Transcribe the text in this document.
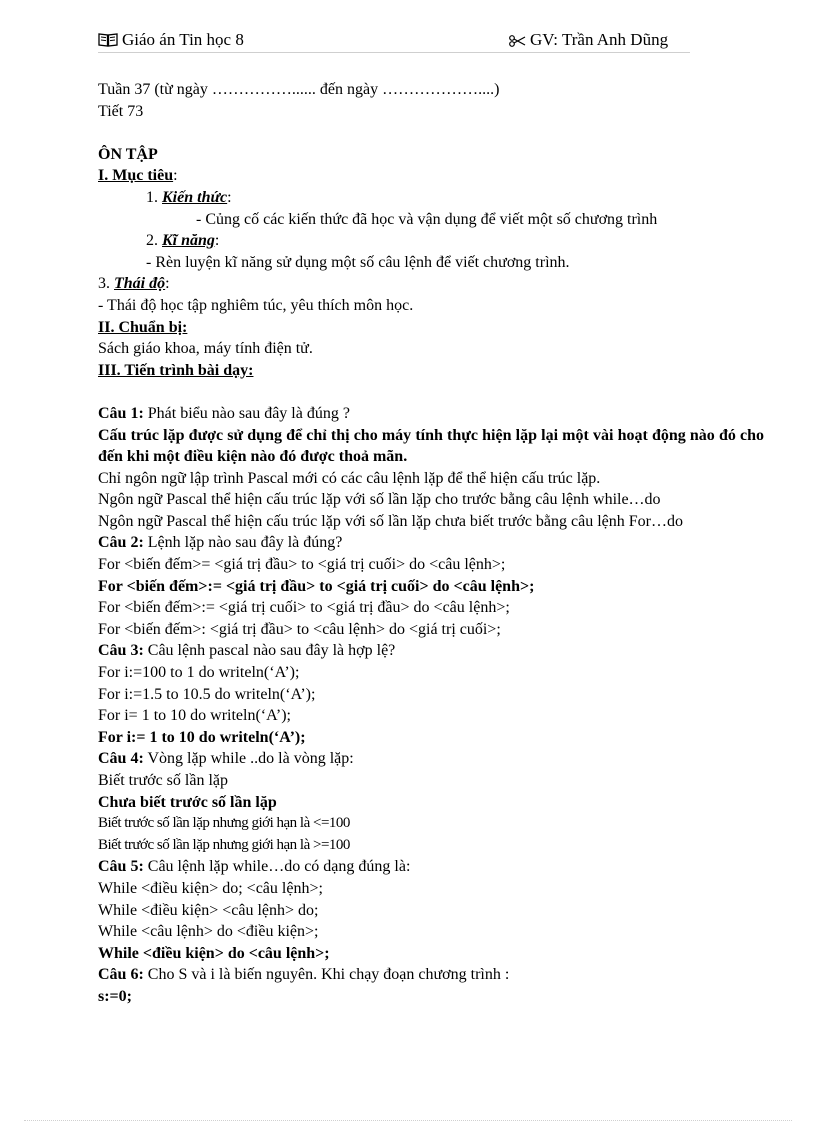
Giáo án Tin học 8	GV: Trần Anh Dũng
Tuần 37 (từ ngày ……………...... đến ngày ………………....)
Tiết 73
ÔN TẬP
I. Mục tiêu:
1. Kiến thức:
- Củng cố các kiến thức đã học và vận dụng để viết một số chương trình
2. Kĩ năng:
- Rèn luyện kĩ năng sử dụng một số câu lệnh để viết chương trình.
3. Thái độ:
- Thái độ học tập nghiêm túc, yêu thích môn học.
II. Chuẩn bị:
Sách giáo khoa, máy tính điện tử.
III. Tiến trình bài dạy:
Câu 1: Phát biểu nào sau đây là đúng ?
Cấu trúc lặp được sử dụng để chỉ thị cho máy tính thực hiện lặp lại một vài hoạt động nào đó cho đến khi một điều kiện nào đó được thoả mãn.
Chỉ ngôn ngữ lập trình Pascal mới có các câu lệnh lặp để thể hiện cấu trúc lặp.
Ngôn ngữ Pascal thể hiện cấu trúc lặp với số lần lặp cho trước bằng câu lệnh while…do
Ngôn ngữ Pascal thể hiện cấu trúc lặp với số lần lặp chưa biết trước bằng câu lệnh For…do
Câu 2: Lệnh lặp nào sau đây là đúng?
For <biến đếm>= <giá trị đầu> to <giá trị cuối> do <câu lệnh>;
For <biến đếm>:= <giá trị đầu> to <giá trị cuối> do <câu lệnh>;
For <biến đếm>:= <giá trị cuối> to <giá trị đầu> do <câu lệnh>;
For <biến đếm>: <giá trị đầu> to <câu lệnh> do <giá trị cuối>;
Câu 3: Câu lệnh pascal nào sau đây là hợp lệ?
For i:=100 to 1 do writeln(‘A’);
For i:=1.5 to 10.5 do writeln(‘A’);
For i= 1 to 10 do writeln(‘A’);
For i:= 1 to 10 do writeln(‘A’);
Câu 4: Vòng lặp while ..do là vòng lặp:
Biết trước số lần lặp
Chưa biết trước số lần lặp
Biết trước số lần lặp nhưng giới hạn là <=100
Biết trước số lần lặp nhưng giới hạn là >=100
Câu 5: Câu lệnh lặp while…do có dạng đúng là:
While <điều kiện> do; <câu lệnh>;
While <điều kiện> <câu lệnh> do;
While <câu lệnh> do <điều kiện>;
While <điều kiện> do <câu lệnh>;
Câu 6: Cho S và i là biến nguyên. Khi chạy đoạn chương trình :
s:=0;
